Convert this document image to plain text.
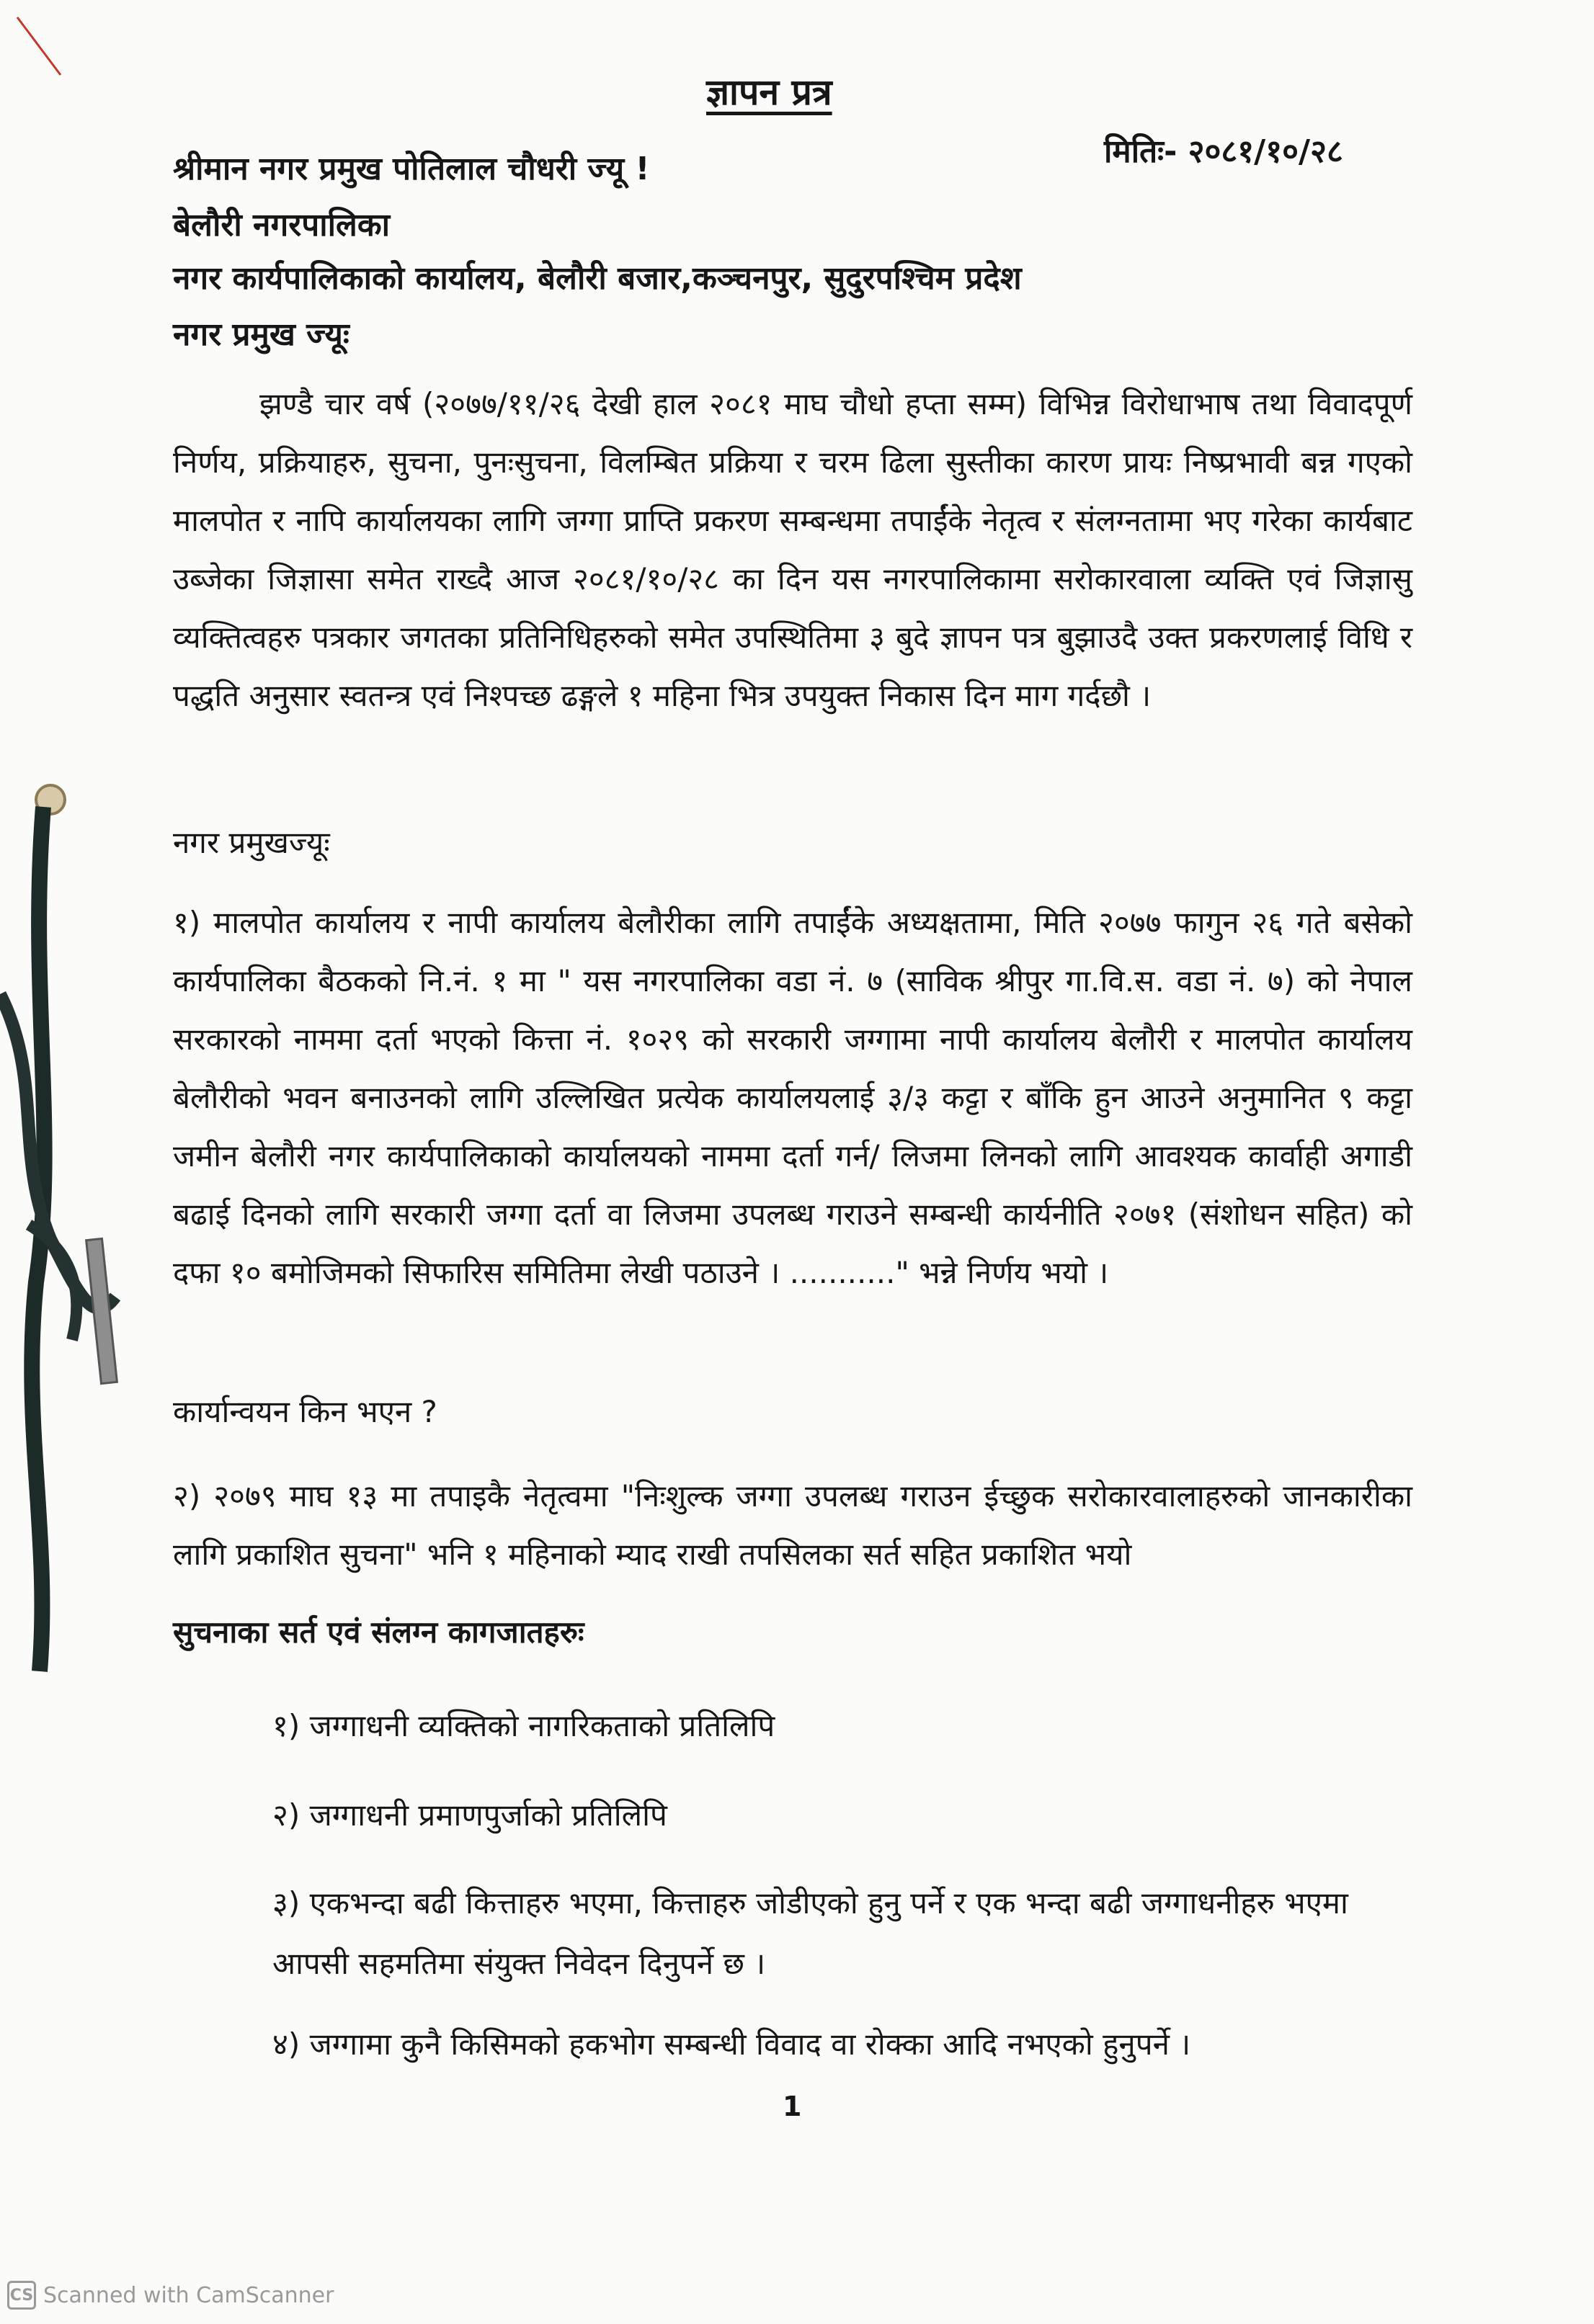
ज्ञापन प्रत्र
मितिः- २०८१/१०/२८
श्रीमान नगर प्रमुख पोतिलाल चौधरी ज्यू !
बेलौरी नगरपालिका
नगर कार्यपालिकाको कार्यालय, बेलौरी बजार,कञ्चनपुर, सुदुरपश्चिम प्रदेश
नगर प्रमुख ज्यूः

झण्डै चार वर्ष (२०७७/११/२६ देखी हाल २०८१ माघ चौधो हप्ता सम्म) विभिन्न विरोधाभाष तथा विवादपूर्ण निर्णय, प्रक्रियाहरु, सुचना, पुनःसुचना, विलम्बित प्रक्रिया र चरम ढिला सुस्तीका कारण प्रायः निष्प्रभावी बन्न गएको मालपोत र नापि कार्यालयका लागि जग्गा प्राप्ति प्रकरण सम्बन्धमा तपाईंके नेतृत्व र संलग्नतामा भए गरेका कार्यबाट उब्जेका जिज्ञासा समेत राख्दै आज २०८१/१०/२८ का दिन यस नगरपालिकामा सरोकारवाला व्यक्ति एवं जिज्ञासु व्यक्तित्वहरु पत्रकार जगतका प्रतिनिधिहरुको समेत उपस्थितिमा ३ बुदे ज्ञापन पत्र बुझाउदै उक्त प्रकरणलाई विधि र पद्धति अनुसार स्वतन्त्र एवं निश्पच्छ ढङ्गले १ महिना भित्र उपयुक्त निकास दिन माग गर्दछौ ।

नगर प्रमुखज्यूः

१) मालपोत कार्यालय र नापी कार्यालय बेलौरीका लागि तपाईंके अध्यक्षतामा, मिति २०७७ फागुन २६ गते बसेको कार्यपालिका बैठकको नि.नं. १ मा " यस नगरपालिका वडा नं. ७ (साविक श्रीपुर गा.वि.स. वडा नं. ७) को नेपाल सरकारको नाममा दर्ता भएको कित्ता नं. १०२९ को सरकारी जग्गामा नापी कार्यालय बेलौरी र मालपोत कार्यालय बेलौरीको भवन बनाउनको लागि उल्लिखित प्रत्येक कार्यालयलाई ३/३ कट्टा र बाँकि हुन आउने अनुमानित ९ कट्टा जमीन बेलौरी नगर कार्यपालिकाको कार्यालयको नाममा दर्ता गर्न/ लिजमा लिनको लागि आवश्यक कार्वाही अगाडी बढाई दिनको लागि सरकारी जग्गा दर्ता वा लिजमा उपलब्ध गराउने सम्बन्धी कार्यनीति २०७१ (संशोधन सहित) को दफा १० बमोजिमको सिफारिस समितिमा लेखी पठाउने । ..........." भन्ने निर्णय भयो ।

कार्यान्वयन किन भएन ?

२) २०७९ माघ १३ मा तपाइकै नेतृत्वमा "निःशुल्क जग्गा उपलब्ध गराउन ईच्छुक सरोकारवालाहरुको जानकारीका लागि प्रकाशित सुचना" भनि १ महिनाको म्याद राखी तपसिलका सर्त सहित प्रकाशित भयो

सुचनाका सर्त एवं संलग्न कागजातहरुः
१) जग्गाधनी व्यक्तिको नागरिकताको प्रतिलिपि
२) जग्गाधनी प्रमाणपुर्जाको प्रतिलिपि
३) एकभन्दा बढी कित्ताहरु भएमा, कित्ताहरु जोडीएको हुनु पर्ने र एक भन्दा बढी जग्गाधनीहरु भएमा आपसी सहमतिमा संयुक्त निवेदन दिनुपर्ने छ ।
४) जग्गामा कुनै किसिमको हकभोग सम्बन्धी विवाद वा रोक्का आदि नभएको हुनुपर्ने ।
1
CS Scanned with CamScanner
